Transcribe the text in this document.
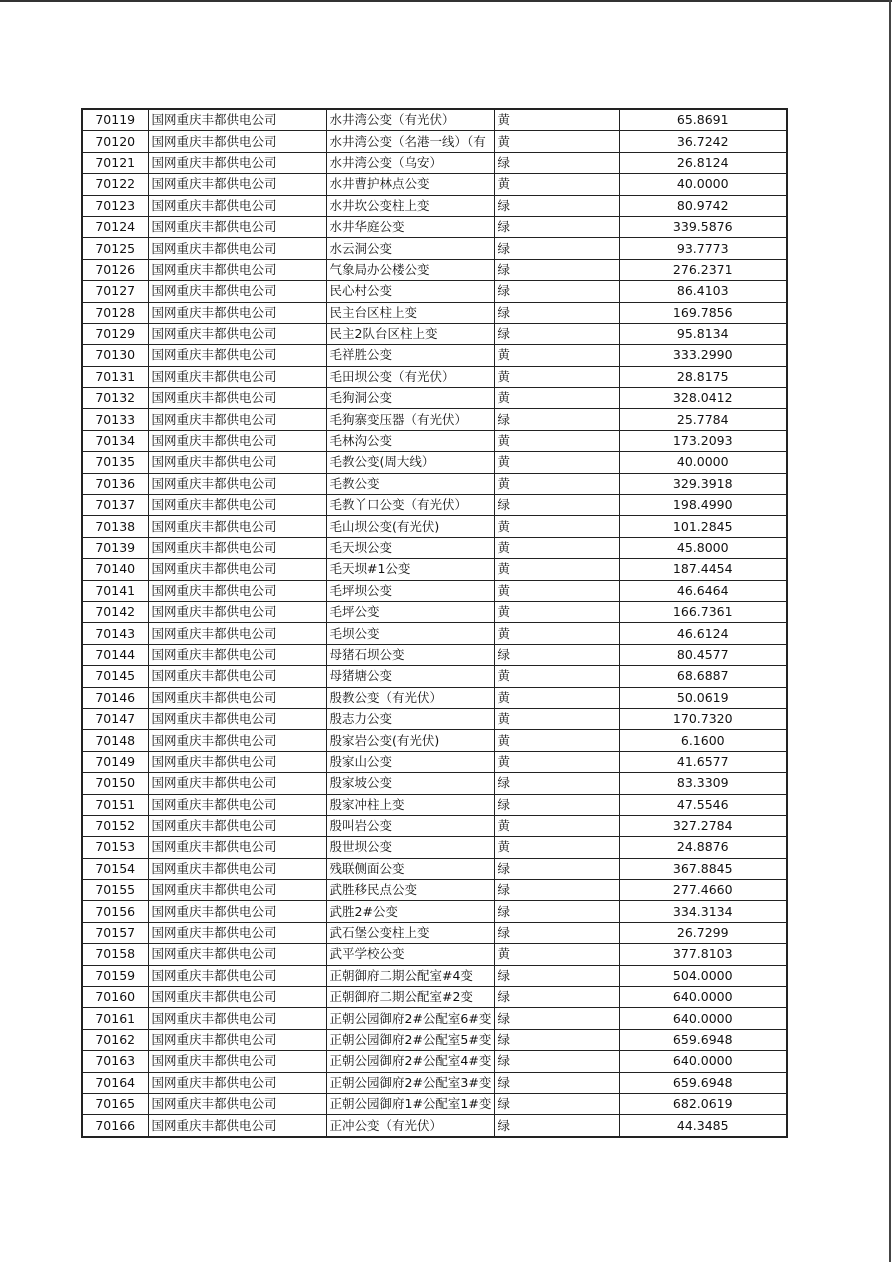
70119	国网重庆丰都供电公司	水井湾公变（有光伏）	黄	65.8691
70120	国网重庆丰都供电公司	水井湾公变（名港一线）（有	黄	36.7242
70121	国网重庆丰都供电公司	水井湾公变（乌安）	绿	26.8124
70122	国网重庆丰都供电公司	水井曹护林点公变	黄	40.0000
70123	国网重庆丰都供电公司	水井坎公变柱上变	绿	80.9742
70124	国网重庆丰都供电公司	水井华庭公变	绿	339.5876
70125	国网重庆丰都供电公司	水云洞公变	绿	93.7773
70126	国网重庆丰都供电公司	气象局办公楼公变	绿	276.2371
70127	国网重庆丰都供电公司	民心村公变	绿	86.4103
70128	国网重庆丰都供电公司	民主台区柱上变	绿	169.7856
70129	国网重庆丰都供电公司	民主2队台区柱上变	绿	95.8134
70130	国网重庆丰都供电公司	毛祥胜公变	黄	333.2990
70131	国网重庆丰都供电公司	毛田坝公变（有光伏）	黄	28.8175
70132	国网重庆丰都供电公司	毛狗洞公变	黄	328.0412
70133	国网重庆丰都供电公司	毛狗寨变压器（有光伏）	绿	25.7784
70134	国网重庆丰都供电公司	毛林沟公变	黄	173.2093
70135	国网重庆丰都供电公司	毛教公变(周大线）	黄	40.0000
70136	国网重庆丰都供电公司	毛教公变	黄	329.3918
70137	国网重庆丰都供电公司	毛教丫口公变（有光伏）	绿	198.4990
70138	国网重庆丰都供电公司	毛山坝公变(有光伏)	黄	101.2845
70139	国网重庆丰都供电公司	毛天坝公变	黄	45.8000
70140	国网重庆丰都供电公司	毛天坝#1公变	黄	187.4454
70141	国网重庆丰都供电公司	毛坪坝公变	黄	46.6464
70142	国网重庆丰都供电公司	毛坪公变	黄	166.7361
70143	国网重庆丰都供电公司	毛坝公变	黄	46.6124
70144	国网重庆丰都供电公司	母猪石坝公变	绿	80.4577
70145	国网重庆丰都供电公司	母猪塘公变	黄	68.6887
70146	国网重庆丰都供电公司	殷教公变（有光伏）	黄	50.0619
70147	国网重庆丰都供电公司	殷志力公变	黄	170.7320
70148	国网重庆丰都供电公司	殷家岩公变(有光伏)	黄	6.1600
70149	国网重庆丰都供电公司	殷家山公变	黄	41.6577
70150	国网重庆丰都供电公司	殷家坡公变	绿	83.3309
70151	国网重庆丰都供电公司	殷家冲柱上变	绿	47.5546
70152	国网重庆丰都供电公司	殷叫岩公变	黄	327.2784
70153	国网重庆丰都供电公司	殷世坝公变	黄	24.8876
70154	国网重庆丰都供电公司	残联侧面公变	绿	367.8845
70155	国网重庆丰都供电公司	武胜移民点公变	绿	277.4660
70156	国网重庆丰都供电公司	武胜2#公变	绿	334.3134
70157	国网重庆丰都供电公司	武石堡公变柱上变	绿	26.7299
70158	国网重庆丰都供电公司	武平学校公变	黄	377.8103
70159	国网重庆丰都供电公司	正朝御府二期公配室#4变	绿	504.0000
70160	国网重庆丰都供电公司	正朝御府二期公配室#2变	绿	640.0000
70161	国网重庆丰都供电公司	正朝公园御府2#公配室6#变	绿	640.0000
70162	国网重庆丰都供电公司	正朝公园御府2#公配室5#变	绿	659.6948
70163	国网重庆丰都供电公司	正朝公园御府2#公配室4#变	绿	640.0000
70164	国网重庆丰都供电公司	正朝公园御府2#公配室3#变	绿	659.6948
70165	国网重庆丰都供电公司	正朝公园御府1#公配室1#变	绿	682.0619
70166	国网重庆丰都供电公司	正冲公变（有光伏）	绿	44.3485
